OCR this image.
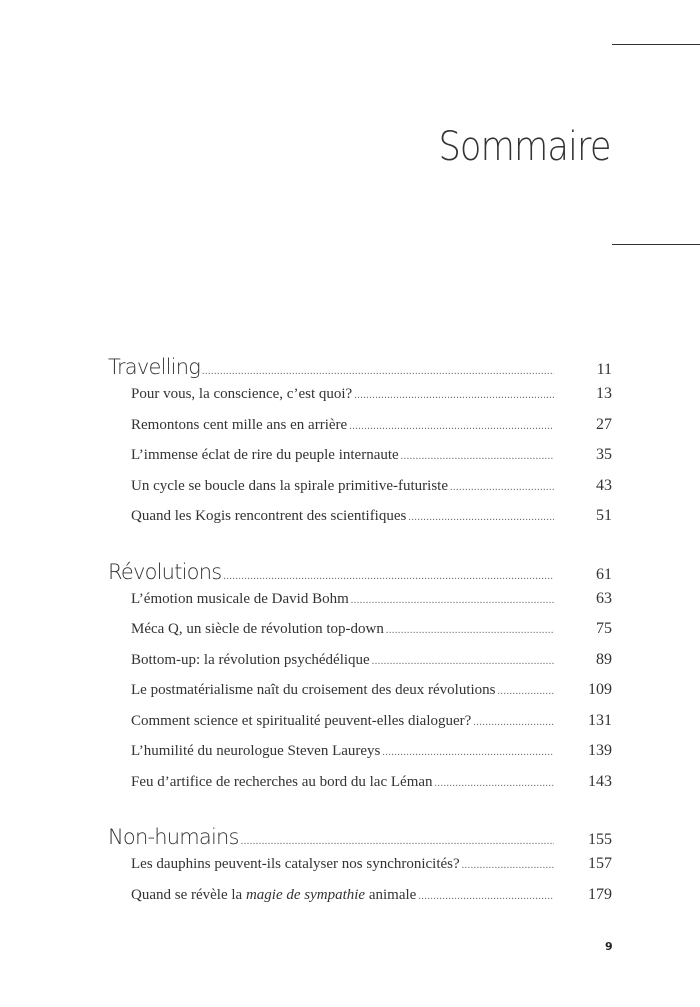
Sommaire
Travelling .....	11
Pour vous, la conscience, c’est quoi? .....	13
Remontons cent mille ans en arrière .....	27
L’immense éclat de rire du peuple internaute .....	35
Un cycle se boucle dans la spirale primitive-futuriste .....	43
Quand les Kogis rencontrent des scientifiques .....	51
Révolutions .....	61
L’émotion musicale de David Bohm .....	63
Méca Q, un siècle de révolution top-down .....	75
Bottom-up: la révolution psychédélique .....	89
Le postmatérialisme naît du croisement des deux révolutions .....	109
Comment science et spiritualité peuvent-elles dialoguer? .....	131
L’humilité du neurologue Steven Laureys .....	139
Feu d’artifice de recherches au bord du lac Léman .....	143
Non-humains .....	155
Les dauphins peuvent-ils catalyser nos synchronicités? .....	157
Quand se révèle la magie de sympathie animale .....	179
9
